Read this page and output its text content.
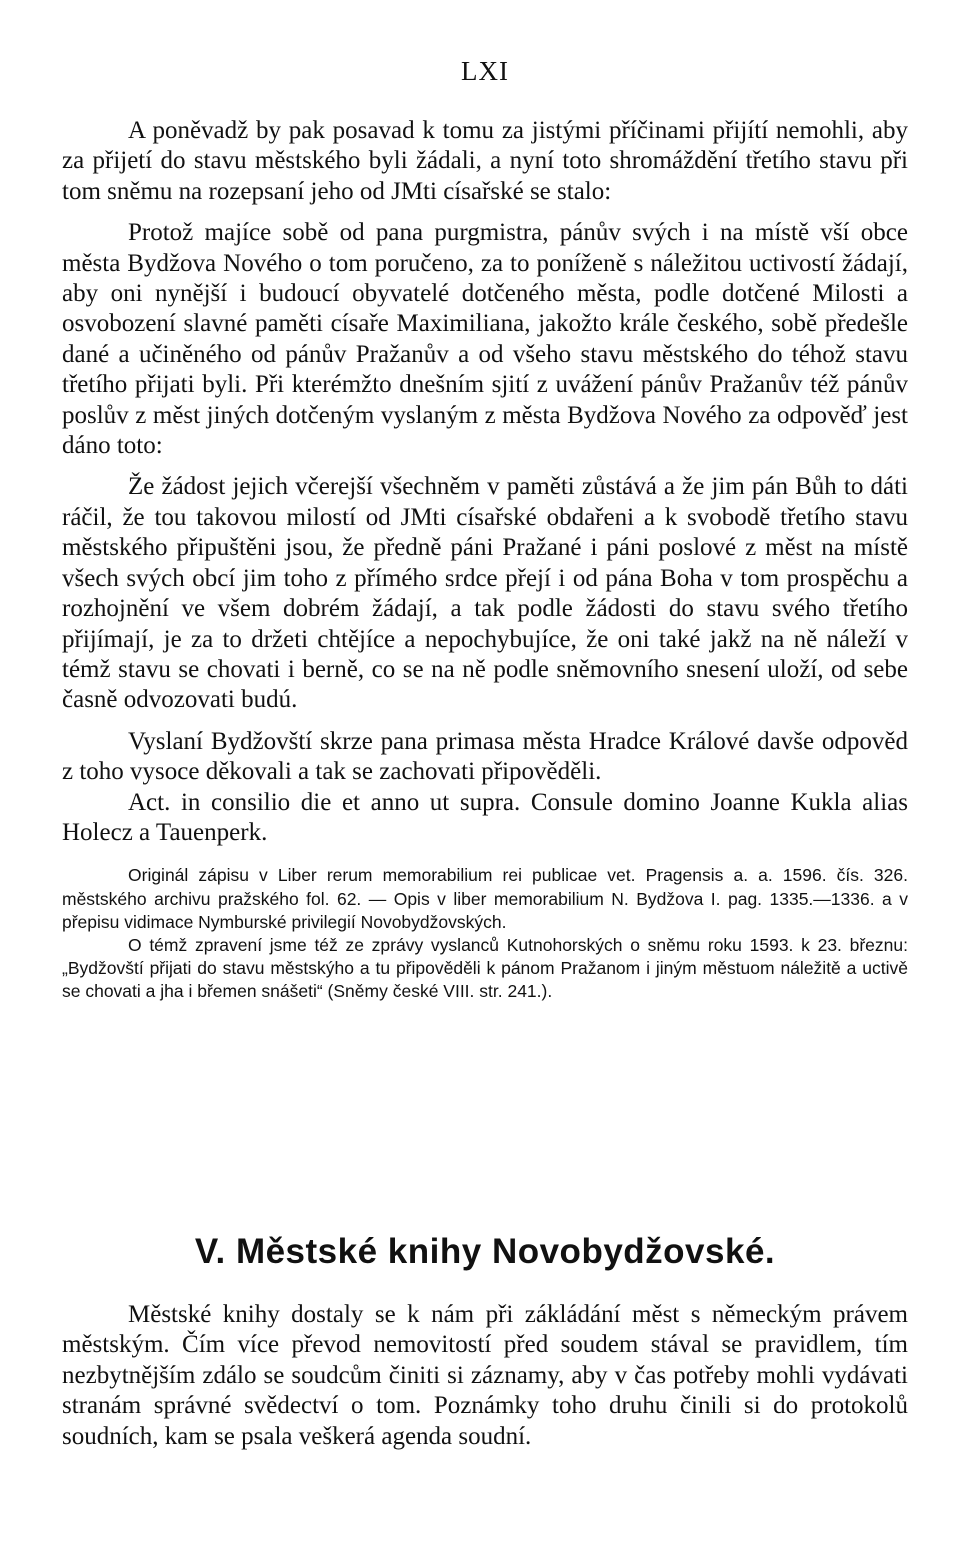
LXI

A poněvadž by pak posavad k tomu za jistými příčinami přijítí nemohli, aby za přijetí do stavu městského byli žádali, a nyní toto shromáždění třetího stavu při tom sněmu na rozepsaní jeho od JMti císařské se stalo:

Protož majíce sobě od pana purgmistra, pánův svých i na místě vší obce města Bydžova Nového o tom poručeno, za to poníženě s náležitou uctivostí žádají, aby oni nynější i budoucí obyvatelé dotčeného města, podle dotčené Milosti a osvobození slavné paměti císaře Maximiliana, jakožto krále českého, sobě předešle dané a učiněného od pánův Pražanův a od všeho stavu městského do téhož stavu třetího přijati byli. Při kterémžto dnešním sjití z uvážení pánův Pražanův též pánův poslův z měst jiných dotčeným vyslaným z města Bydžova Nového za odpověď jest dáno toto:

Že žádost jejich včerejší všechněm v paměti zůstává a že jim pán Bůh to dáti ráčil, že tou takovou milostí od JMti císařské obdařeni a k svobodě třetího stavu městského připuštěni jsou, že předně páni Pražané i páni poslové z měst na místě všech svých obcí jim toho z přímého srdce přejí i od pána Boha v tom prospěchu a rozhojnění ve všem dobrém žádají, a tak podle žádosti do stavu svého třetího přijímají, je za to držeti chtějíce a nepochybujíce, že oni také jakž na ně náleží v témž stavu se chovati i berně, co se na ně podle sněmovního snesení uloží, od sebe časně odvozovati budú.

Vyslaní Bydžovští skrze pana primasa města Hradce Králové davše odpověd z toho vysoce děkovali a tak se zachovati připověděli.

Act. in consilio die et anno ut supra. Consule domino Joanne Kukla alias Holecz a Tauenperk.

Originál zápisu v Liber rerum memorabilium rei publicae vet. Pragensis a. a. 1596. čís. 326. městského archivu pražského fol. 62. — Opis v liber memorabilium N. Bydžova I. pag. 1335.—1336. a v přepisu vidimace Nymburské privilegií Novobydžovských.

O témž zpravení jsme též ze zprávy vyslanců Kutnohorských o sněmu roku 1593. k 23. březnu: „Bydžovští přijati do stavu městskýho a tu připověděli k pánom Pražanom i jiným městuom náležitě a uctivě se chovati a jha i břemen snášeti“ (Sněmy české VIII. str. 241.).

V. Městské knihy Novobydžovské.

Městské knihy dostaly se k nám při zákládání měst s německým právem městským. Čím více převod nemovitostí před soudem stával se pravidlem, tím nezbytnějším zdálo se soudcům činiti si záznamy, aby v čas potřeby mohli vydávati stranám správné svědectví o tom. Poznámky toho druhu činili si do protokolů soudních, kam se psala veškerá agenda soudní.
